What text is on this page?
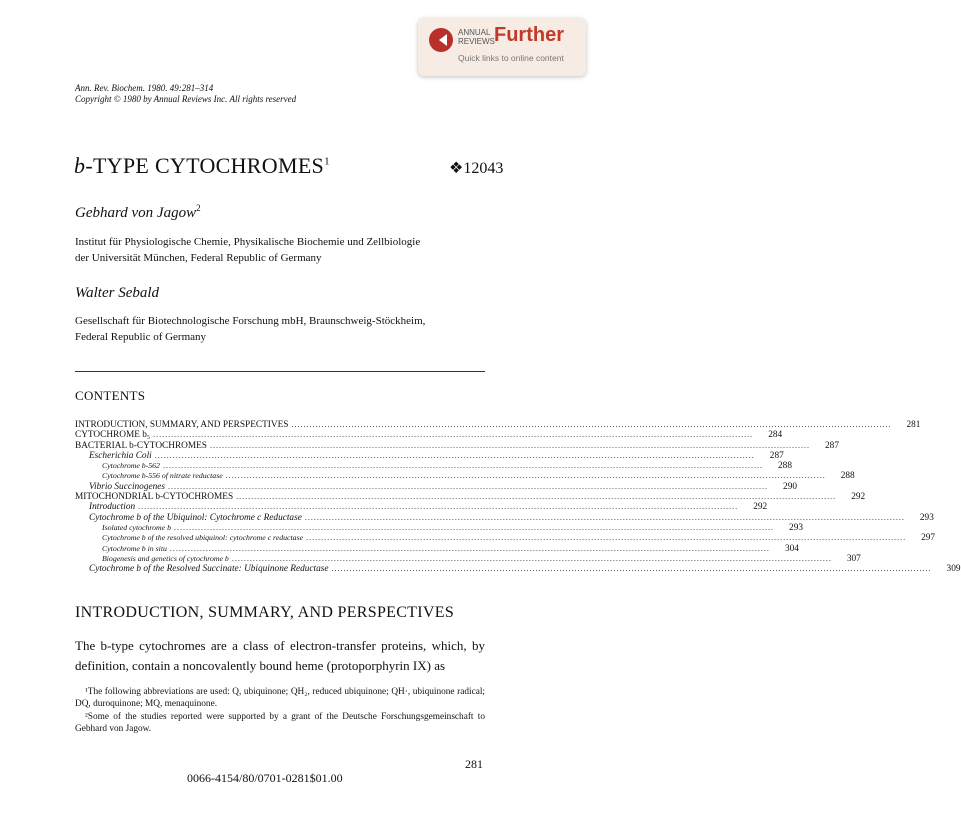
ANNUAL
REVIEWS Further
Quick links to online content
Ann. Rev. Biochem. 1980. 49:281–314
Copyright © 1980 by Annual Reviews Inc. All rights reserved
b-TYPE CYTOCHROMES$^1$	❖12043
Gebhard von Jagow$^2$
Institut für Physiologische Chemie, Physikalische Biochemie und Zellbiologie
der Universität München, Federal Republic of Germany
Walter Sebald
Gesellschaft für Biotechnologische Forschung mbH, Braunschweig-Stöckheim,
Federal Republic of Germany
CONTENTS
INTRODUCTION, SUMMARY, AND PERSPECTIVES ........................................................................................................................................................................................................ 281
CYTOCHROME b₅ ........................................................................................................................................................................................................ 284
BACTERIAL b-CYTOCHROMES ........................................................................................................................................................................................................ 287
Escherichia Coli ........................................................................................................................................................................................................ 287
Cytochrome b-562 ........................................................................................................................................................................................................ 288
Cytochrome b-556 of nitrate reductase ........................................................................................................................................................................................................ 288
Vibrio Succinogenes ........................................................................................................................................................................................................ 290
MITOCHONDRIAL b-CYTOCHROMES ........................................................................................................................................................................................................ 292
Introduction ........................................................................................................................................................................................................ 292
Cytochrome b of the Ubiquinol: Cytochrome c Reductase ........................................................................................................................................................................................................ 293
Isolated cytochrome b ........................................................................................................................................................................................................ 293
Cytochrome b of the resolved ubiquinol: cytochrome c reductase ........................................................................................................................................................................................................ 297
Cytochrome b in situ ........................................................................................................................................................................................................ 304
Biogenesis and genetics of cytochrome b ........................................................................................................................................................................................................ 307
Cytochrome b of the Resolved Succinate: Ubiquinone Reductase ........................................................................................................................................................................................................ 309
INTRODUCTION, SUMMARY, AND PERSPECTIVES
The b-type cytochromes are a class of electron-transfer proteins, which, by definition, contain a noncovalently bound heme (protoporphyrin IX) as
¹The following abbreviations are used: Q, ubiquinone; QH₂, reduced ubiquinone; QH·, ubiquinone radical; DQ, duroquinone; MQ, menaquinone.
²Some of the studies reported were supported by a grant of the Deutsche Forschungsgemeinschaft to Gebhard von Jagow.
281
0066-4154/80/0701-0281$01.00
